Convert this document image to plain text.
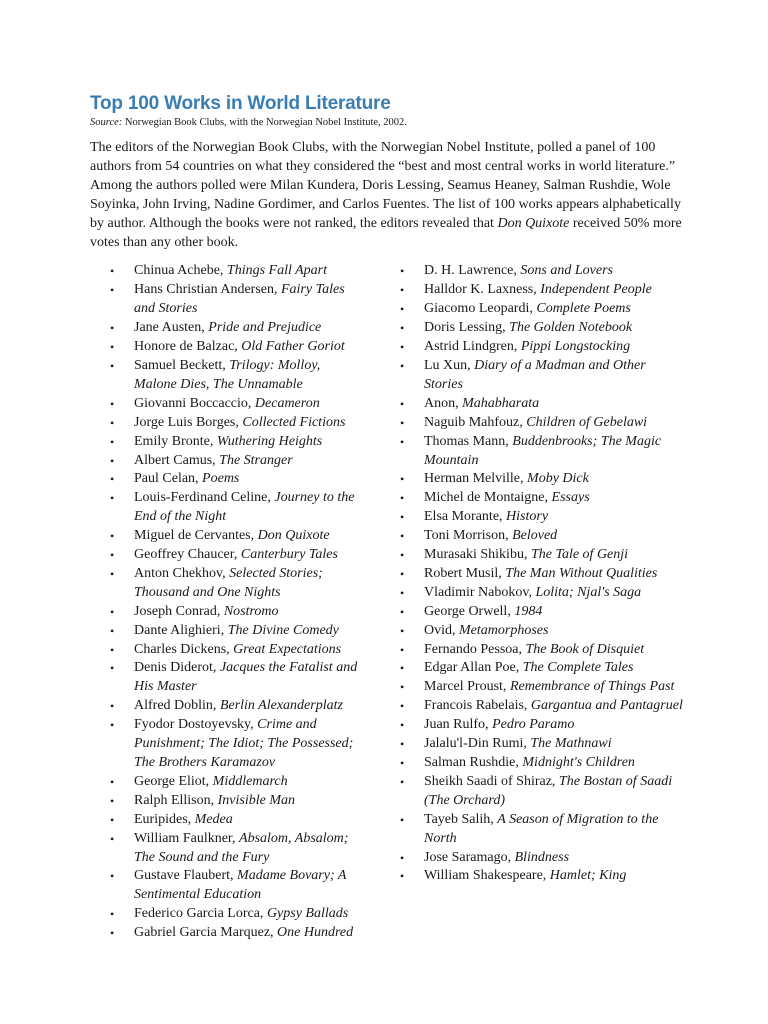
Top 100 Works in World Literature

Source: Norwegian Book Clubs, with the Norwegian Nobel Institute, 2002.

The editors of the Norwegian Book Clubs, with the Norwegian Nobel Institute, polled a panel of 100 authors from 54 countries on what they considered the “best and most central works in world literature.” Among the authors polled were Milan Kundera, Doris Lessing, Seamus Heaney, Salman Rushdie, Wole Soyinka, John Irving, Nadine Gordimer, and Carlos Fuentes. The list of 100 works appears alphabetically by author. Although the books were not ranked, the editors revealed that Don Quixote received 50% more votes than any other book.

• Chinua Achebe, Things Fall Apart
• Hans Christian Andersen, Fairy Tales and Stories
• Jane Austen, Pride and Prejudice
• Honore de Balzac, Old Father Goriot
• Samuel Beckett, Trilogy: Molloy, Malone Dies, The Unnamable
• Giovanni Boccaccio, Decameron
• Jorge Luis Borges, Collected Fictions
• Emily Bronte, Wuthering Heights
• Albert Camus, The Stranger
• Paul Celan, Poems
• Louis-Ferdinand Celine, Journey to the End of the Night
• Miguel de Cervantes, Don Quixote
• Geoffrey Chaucer, Canterbury Tales
• Anton Chekhov, Selected Stories; Thousand and One Nights
• Joseph Conrad, Nostromo
• Dante Alighieri, The Divine Comedy
• Charles Dickens, Great Expectations
• Denis Diderot, Jacques the Fatalist and His Master
• Alfred Doblin, Berlin Alexanderplatz
• Fyodor Dostoyevsky, Crime and Punishment; The Idiot; The Possessed; The Brothers Karamazov
• George Eliot, Middlemarch
• Ralph Ellison, Invisible Man
• Euripides, Medea
• William Faulkner, Absalom, Absalom; The Sound and the Fury
• Gustave Flaubert, Madame Bovary; A Sentimental Education
• Federico Garcia Lorca, Gypsy Ballads
• Gabriel Garcia Marquez, One Hundred
• D. H. Lawrence, Sons and Lovers
• Halldor K. Laxness, Independent People
• Giacomo Leopardi, Complete Poems
• Doris Lessing, The Golden Notebook
• Astrid Lindgren, Pippi Longstocking
• Lu Xun, Diary of a Madman and Other Stories
• Anon, Mahabharata
• Naguib Mahfouz, Children of Gebelawi
• Thomas Mann, Buddenbrooks; The Magic Mountain
• Herman Melville, Moby Dick
• Michel de Montaigne, Essays
• Elsa Morante, History
• Toni Morrison, Beloved
• Murasaki Shikibu, The Tale of Genji
• Robert Musil, The Man Without Qualities
• Vladimir Nabokov, Lolita; Njal's Saga
• George Orwell, 1984
• Ovid, Metamorphoses
• Fernando Pessoa, The Book of Disquiet
• Edgar Allan Poe, The Complete Tales
• Marcel Proust, Remembrance of Things Past
• Francois Rabelais, Gargantua and Pantagruel
• Juan Rulfo, Pedro Paramo
• Jalalu'l-Din Rumi, The Mathnawi
• Salman Rushdie, Midnight's Children
• Sheikh Saadi of Shiraz, The Bostan of Saadi (The Orchard)
• Tayeb Salih, A Season of Migration to the North
• Jose Saramago, Blindness
• William Shakespeare, Hamlet; King
